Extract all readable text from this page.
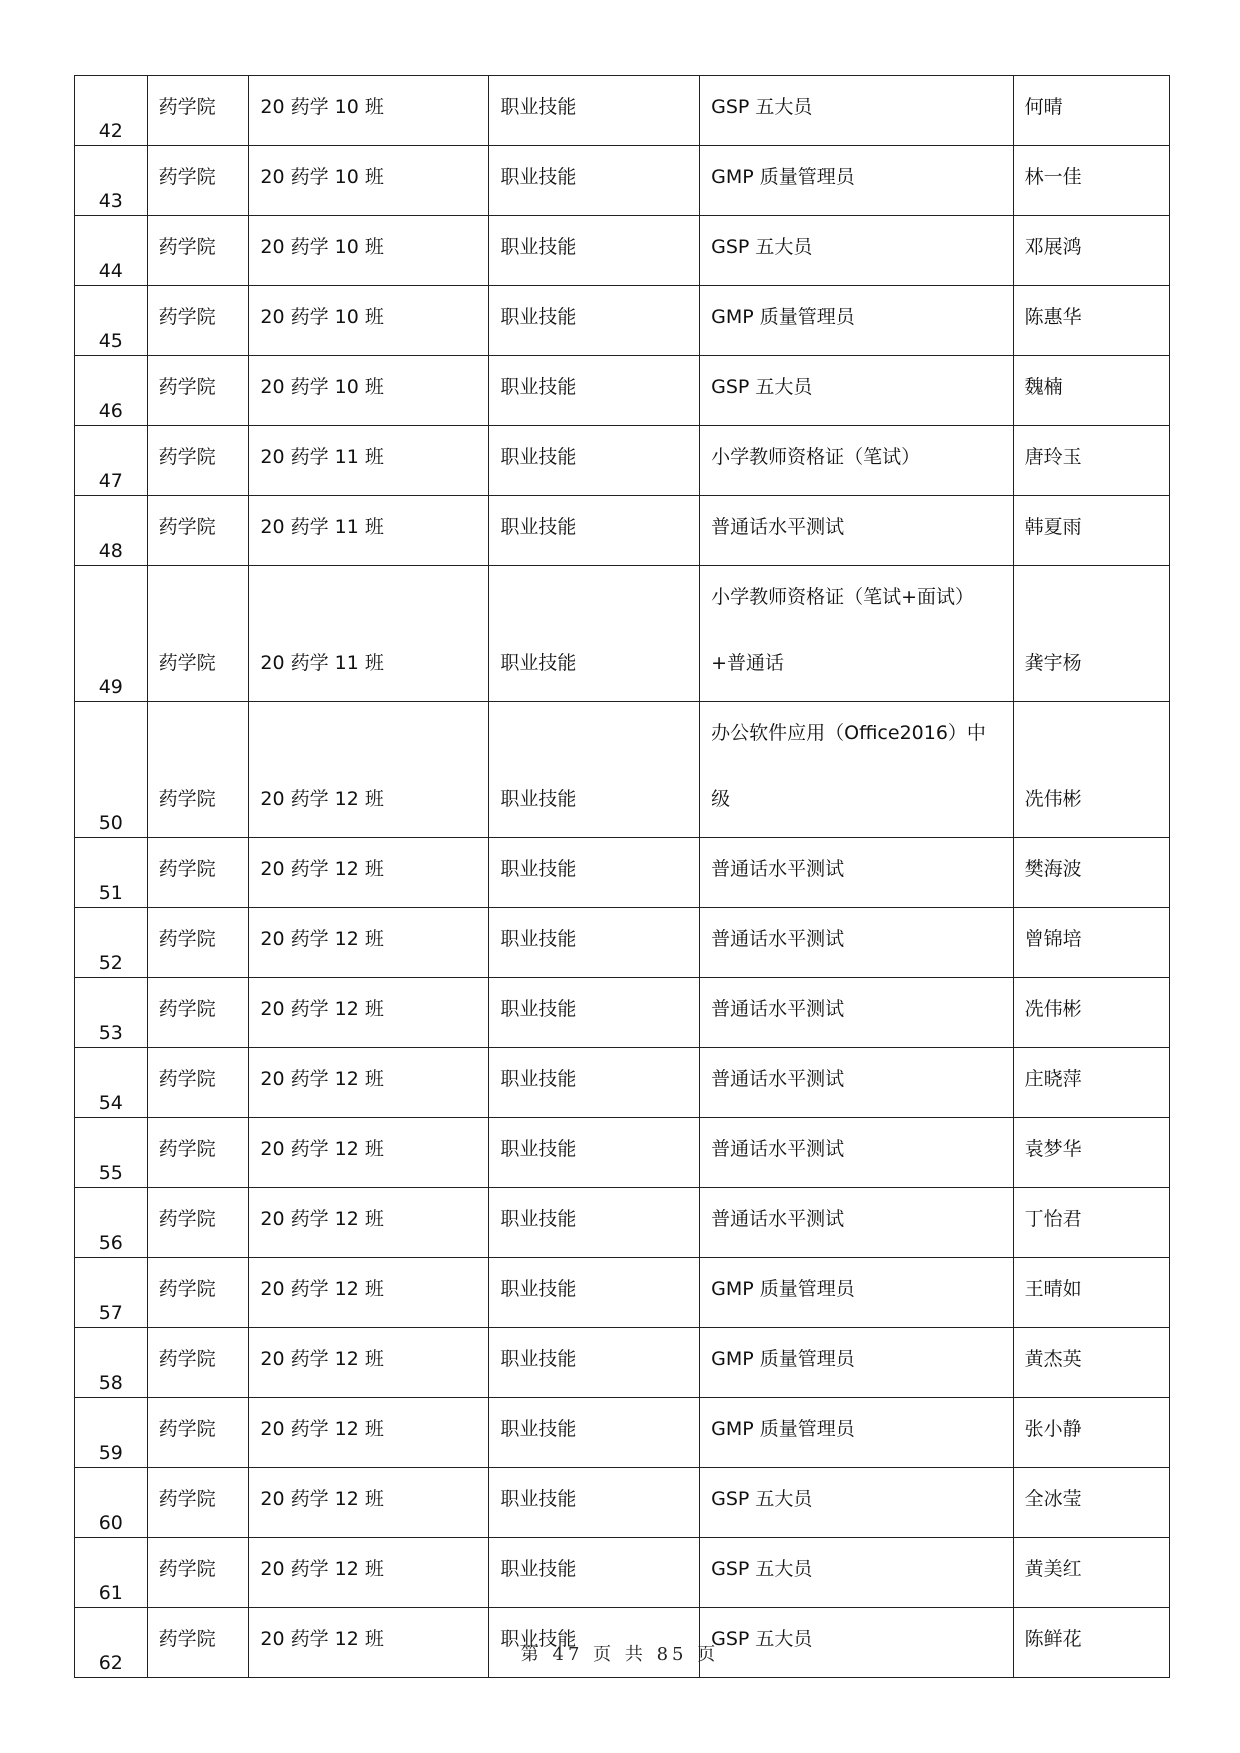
42	药学院	20 药学 10 班	职业技能	GSP 五大员	何晴

43	药学院	20 药学 10 班	职业技能	GMP 质量管理员	林一佳

44	药学院	20 药学 10 班	职业技能	GSP 五大员	邓展鸿

45	药学院	20 药学 10 班	职业技能	GMP 质量管理员	陈惠华

46	药学院	20 药学 10 班	职业技能	GSP 五大员	魏楠

47	药学院	20 药学 11 班	职业技能	小学教师资格证（笔试）	唐玲玉

48	药学院	20 药学 11 班	职业技能	普通话水平测试	韩夏雨

49	药学院	20 药学 11 班	职业技能	小学教师资格证（笔试+面试）+普通话	龚宇杨

50	药学院	20 药学 12 班	职业技能	办公软件应用（Office2016）中级	冼伟彬

51	药学院	20 药学 12 班	职业技能	普通话水平测试	樊海波

52	药学院	20 药学 12 班	职业技能	普通话水平测试	曾锦培

53	药学院	20 药学 12 班	职业技能	普通话水平测试	冼伟彬

54	药学院	20 药学 12 班	职业技能	普通话水平测试	庄晓萍

55	药学院	20 药学 12 班	职业技能	普通话水平测试	袁梦华

56	药学院	20 药学 12 班	职业技能	普通话水平测试	丁怡君

57	药学院	20 药学 12 班	职业技能	GMP 质量管理员	王晴如

58	药学院	20 药学 12 班	职业技能	GMP 质量管理员	黄杰英

59	药学院	20 药学 12 班	职业技能	GMP 质量管理员	张小静

60	药学院	20 药学 12 班	职业技能	GSP 五大员	全冰莹

61	药学院	20 药学 12 班	职业技能	GSP 五大员	黄美红

62	药学院	20 药学 12 班	职业技能	GSP 五大员	陈鲜花
第 47 页 共 85 页
